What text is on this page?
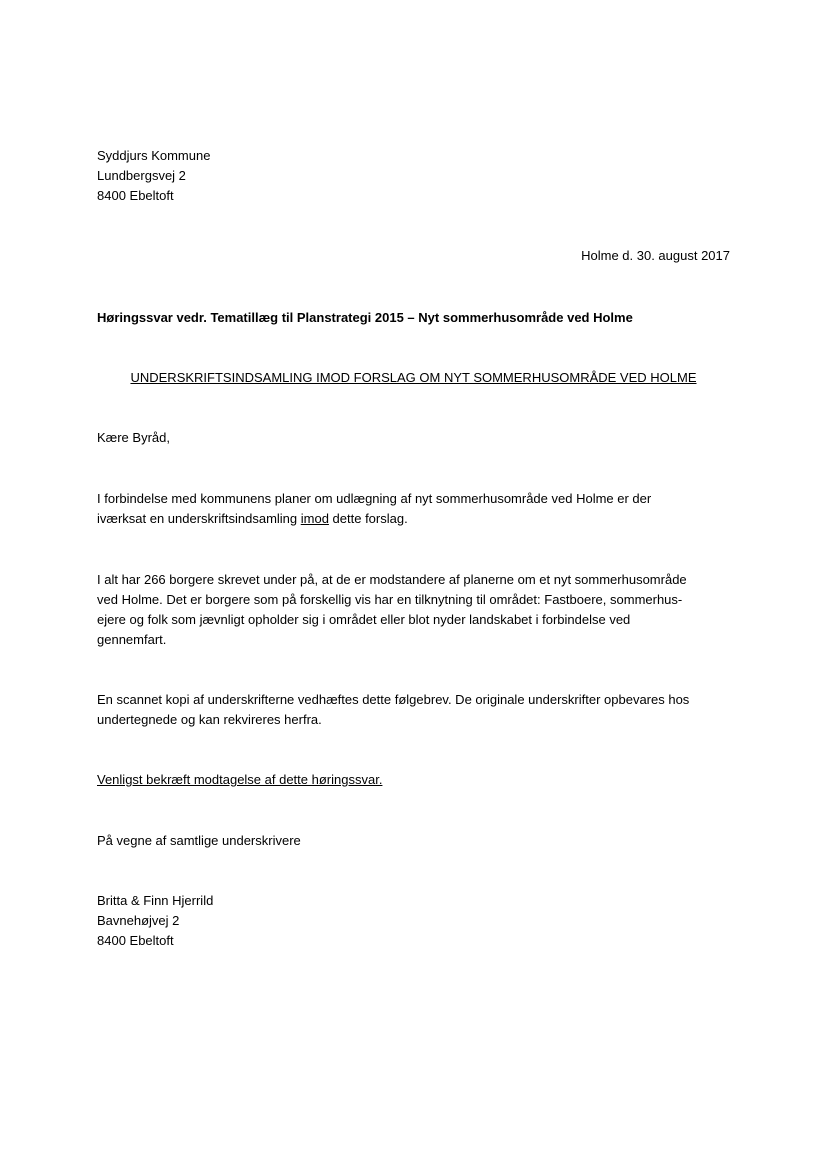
Syddjurs Kommune
Lundbergsvej 2
8400 Ebeltoft
Holme d. 30. august 2017
Høringssvar vedr. Tematillæg til Planstrategi 2015 – Nyt sommerhusområde ved Holme
UNDERSKRIFTSINDSAMLING IMOD FORSLAG OM NYT SOMMERHUSOMRÅDE VED HOLME
Kære Byråd,
I forbindelse med kommunens planer om udlægning af nyt sommerhusområde ved Holme er der
iværksat en underskriftsindsamling imod dette forslag.
I alt har 266 borgere skrevet under på, at de er modstandere af planerne om et nyt sommerhusområde
ved Holme. Det er borgere som på forskellig vis har en tilknytning til området: Fastboere, sommerhus-
ejere og folk som jævnligt opholder sig i området eller blot nyder landskabet i forbindelse ved
gennemfart.
En scannet kopi af underskrifterne vedhæftes dette følgebrev. De originale underskrifter opbevares hos
undertegnede og kan rekvireres herfra.
Venligst bekræft modtagelse af dette høringssvar.
På vegne af samtlige underskrivere
Britta & Finn Hjerrild
Bavnehøjvej 2
8400 Ebeltoft
